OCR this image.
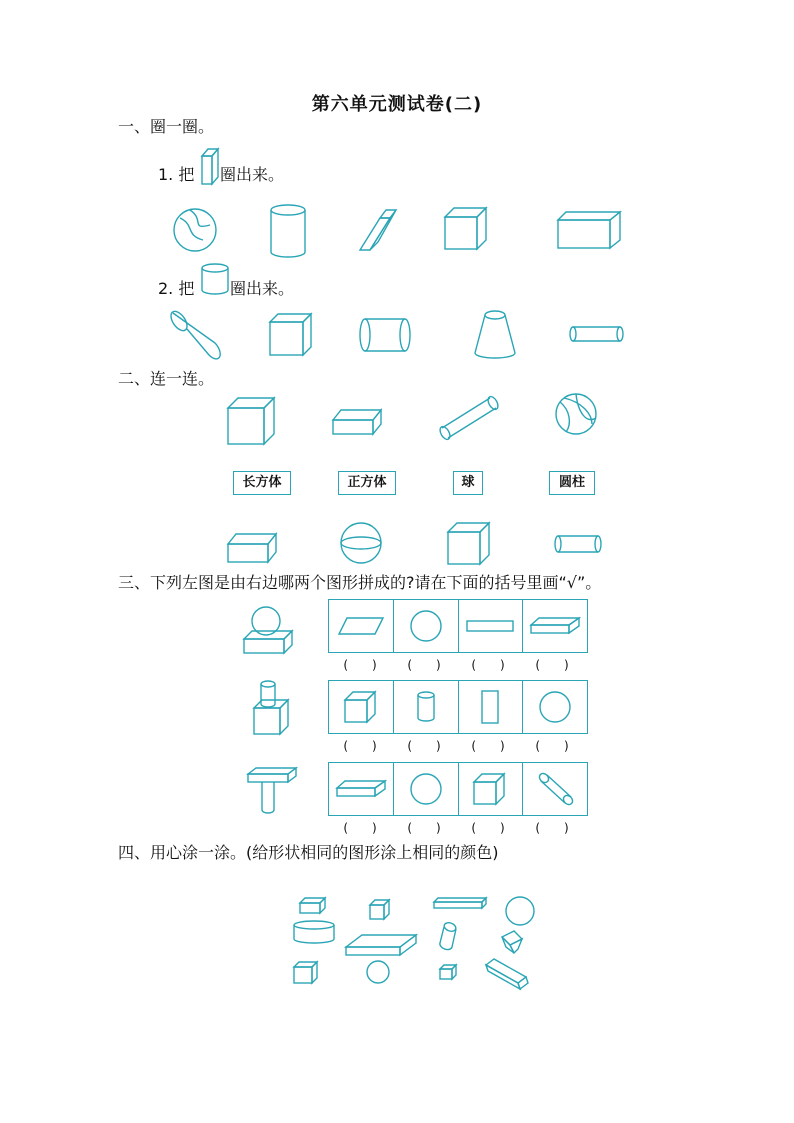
第六单元测试卷(二)
一、圈一圈。
1. 把 圈出来。
2. 把 圈出来。
二、连一连。
长方体	正方体	球	圆柱
三、下列左图是由右边哪两个图形拼成的?请在下面的括号里画“√”。
(　　)	(　　)	(　　)	(　　)
(　　)	(　　)	(　　)	(　　)
(　　)	(　　)	(　　)	(　　)
四、用心涂一涂。(给形状相同的图形涂上相同的颜色)
